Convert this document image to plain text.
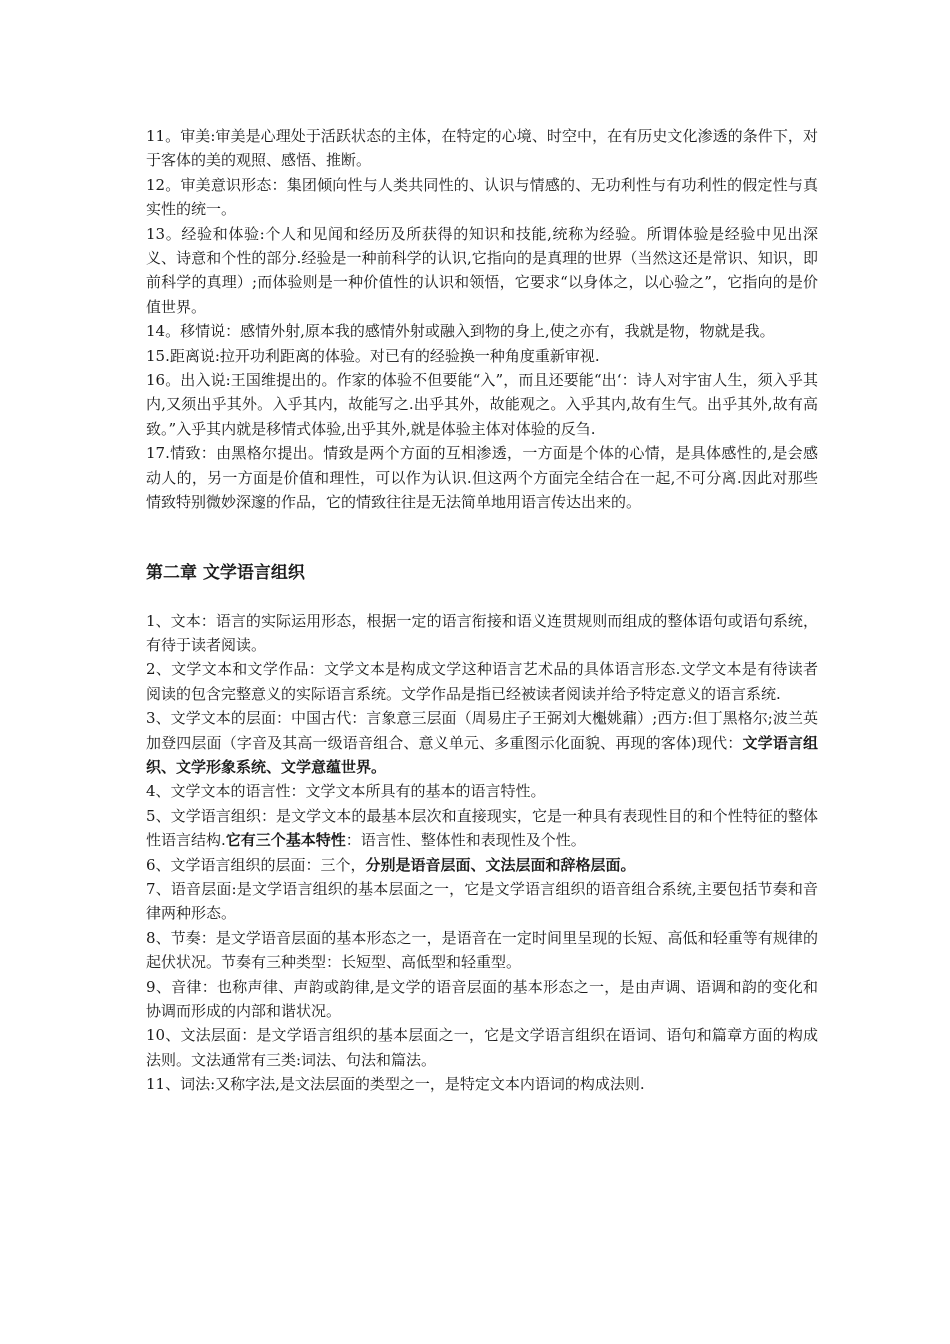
11。审美:审美是心理处于活跃状态的主体，在特定的心境、时空中，在有历史文化渗透的条件下，对于客体的美的观照、感悟、推断。

12。审美意识形态：集团倾向性与人类共同性的、认识与情感的、无功利性与有功利性的假定性与真实性的统一。

13。经验和体验:个人和见闻和经历及所获得的知识和技能,统称为经验。所谓体验是经验中见出深义、诗意和个性的部分.经验是一种前科学的认识,它指向的是真理的世界（当然这还是常识、知识，即前科学的真理）;而体验则是一种价值性的认识和领悟，它要求“以身体之，以心验之”，它指向的是价值世界。

14。移情说：感情外射,原本我的感情外射或融入到物的身上,使之亦有，我就是物，物就是我。

15.距离说:拉开功利距离的体验。对已有的经验换一种角度重新审视.

16。出入说:王国维提出的。作家的体验不但要能“入”，而且还要能“出‘：诗人对宇宙人生，须入乎其内,又须出乎其外。入乎其内，故能写之.出乎其外，故能观之。入乎其内,故有生气。出乎其外,故有高致。”入乎其内就是移情式体验,出乎其外,就是体验主体对体验的反刍.

17.情致：由黑格尔提出。情致是两个方面的互相渗透，一方面是个体的心情，是具体感性的,是会感动人的，另一方面是价值和理性，可以作为认识.但这两个方面完全结合在一起,不可分离.因此对那些情致特别微妙深邃的作品，它的情致往往是无法简单地用语言传达出来的。

第二章 文学语言组织

1、文本：语言的实际运用形态，根据一定的语言衔接和语义连贯规则而组成的整体语句或语句系统，有待于读者阅读。

2、文学文本和文学作品：文学文本是构成文学这种语言艺术品的具体语言形态.文学文本是有待读者阅读的包含完整意义的实际语言系统。文学作品是指已经被读者阅读并给予特定意义的语言系统.

3、文学文本的层面：中国古代：言象意三层面（周易庄子王弼刘大櫆姚鼐）;西方:但丁黑格尔;波兰英加登四层面（字音及其高一级语音组合、意义单元、多重图示化面貌、再现的客体)现代：文学语言组织、文学形象系统、文学意蕴世界。

4、文学文本的语言性：文学文本所具有的基本的语言特性。

5、文学语言组织：是文学文本的最基本层次和直接现实，它是一种具有表现性目的和个性特征的整体性语言结构.它有三个基本特性：语言性、整体性和表现性及个性。

6、文学语言组织的层面：三个，分别是语音层面、文法层面和辞格层面。

7、语音层面:是文学语言组织的基本层面之一，它是文学语言组织的语音组合系统,主要包括节奏和音律两种形态。

8、节奏：是文学语音层面的基本形态之一，是语音在一定时间里呈现的长短、高低和轻重等有规律的起伏状况。节奏有三种类型：长短型、高低型和轻重型。

9、音律：也称声律、声韵或韵律,是文学的语音层面的基本形态之一，是由声调、语调和韵的变化和协调而形成的内部和谐状况。

10、文法层面：是文学语言组织的基本层面之一，它是文学语言组织在语词、语句和篇章方面的构成法则。文法通常有三类:词法、句法和篇法。

11、词法:又称字法,是文法层面的类型之一，是特定文本内语词的构成法则.
